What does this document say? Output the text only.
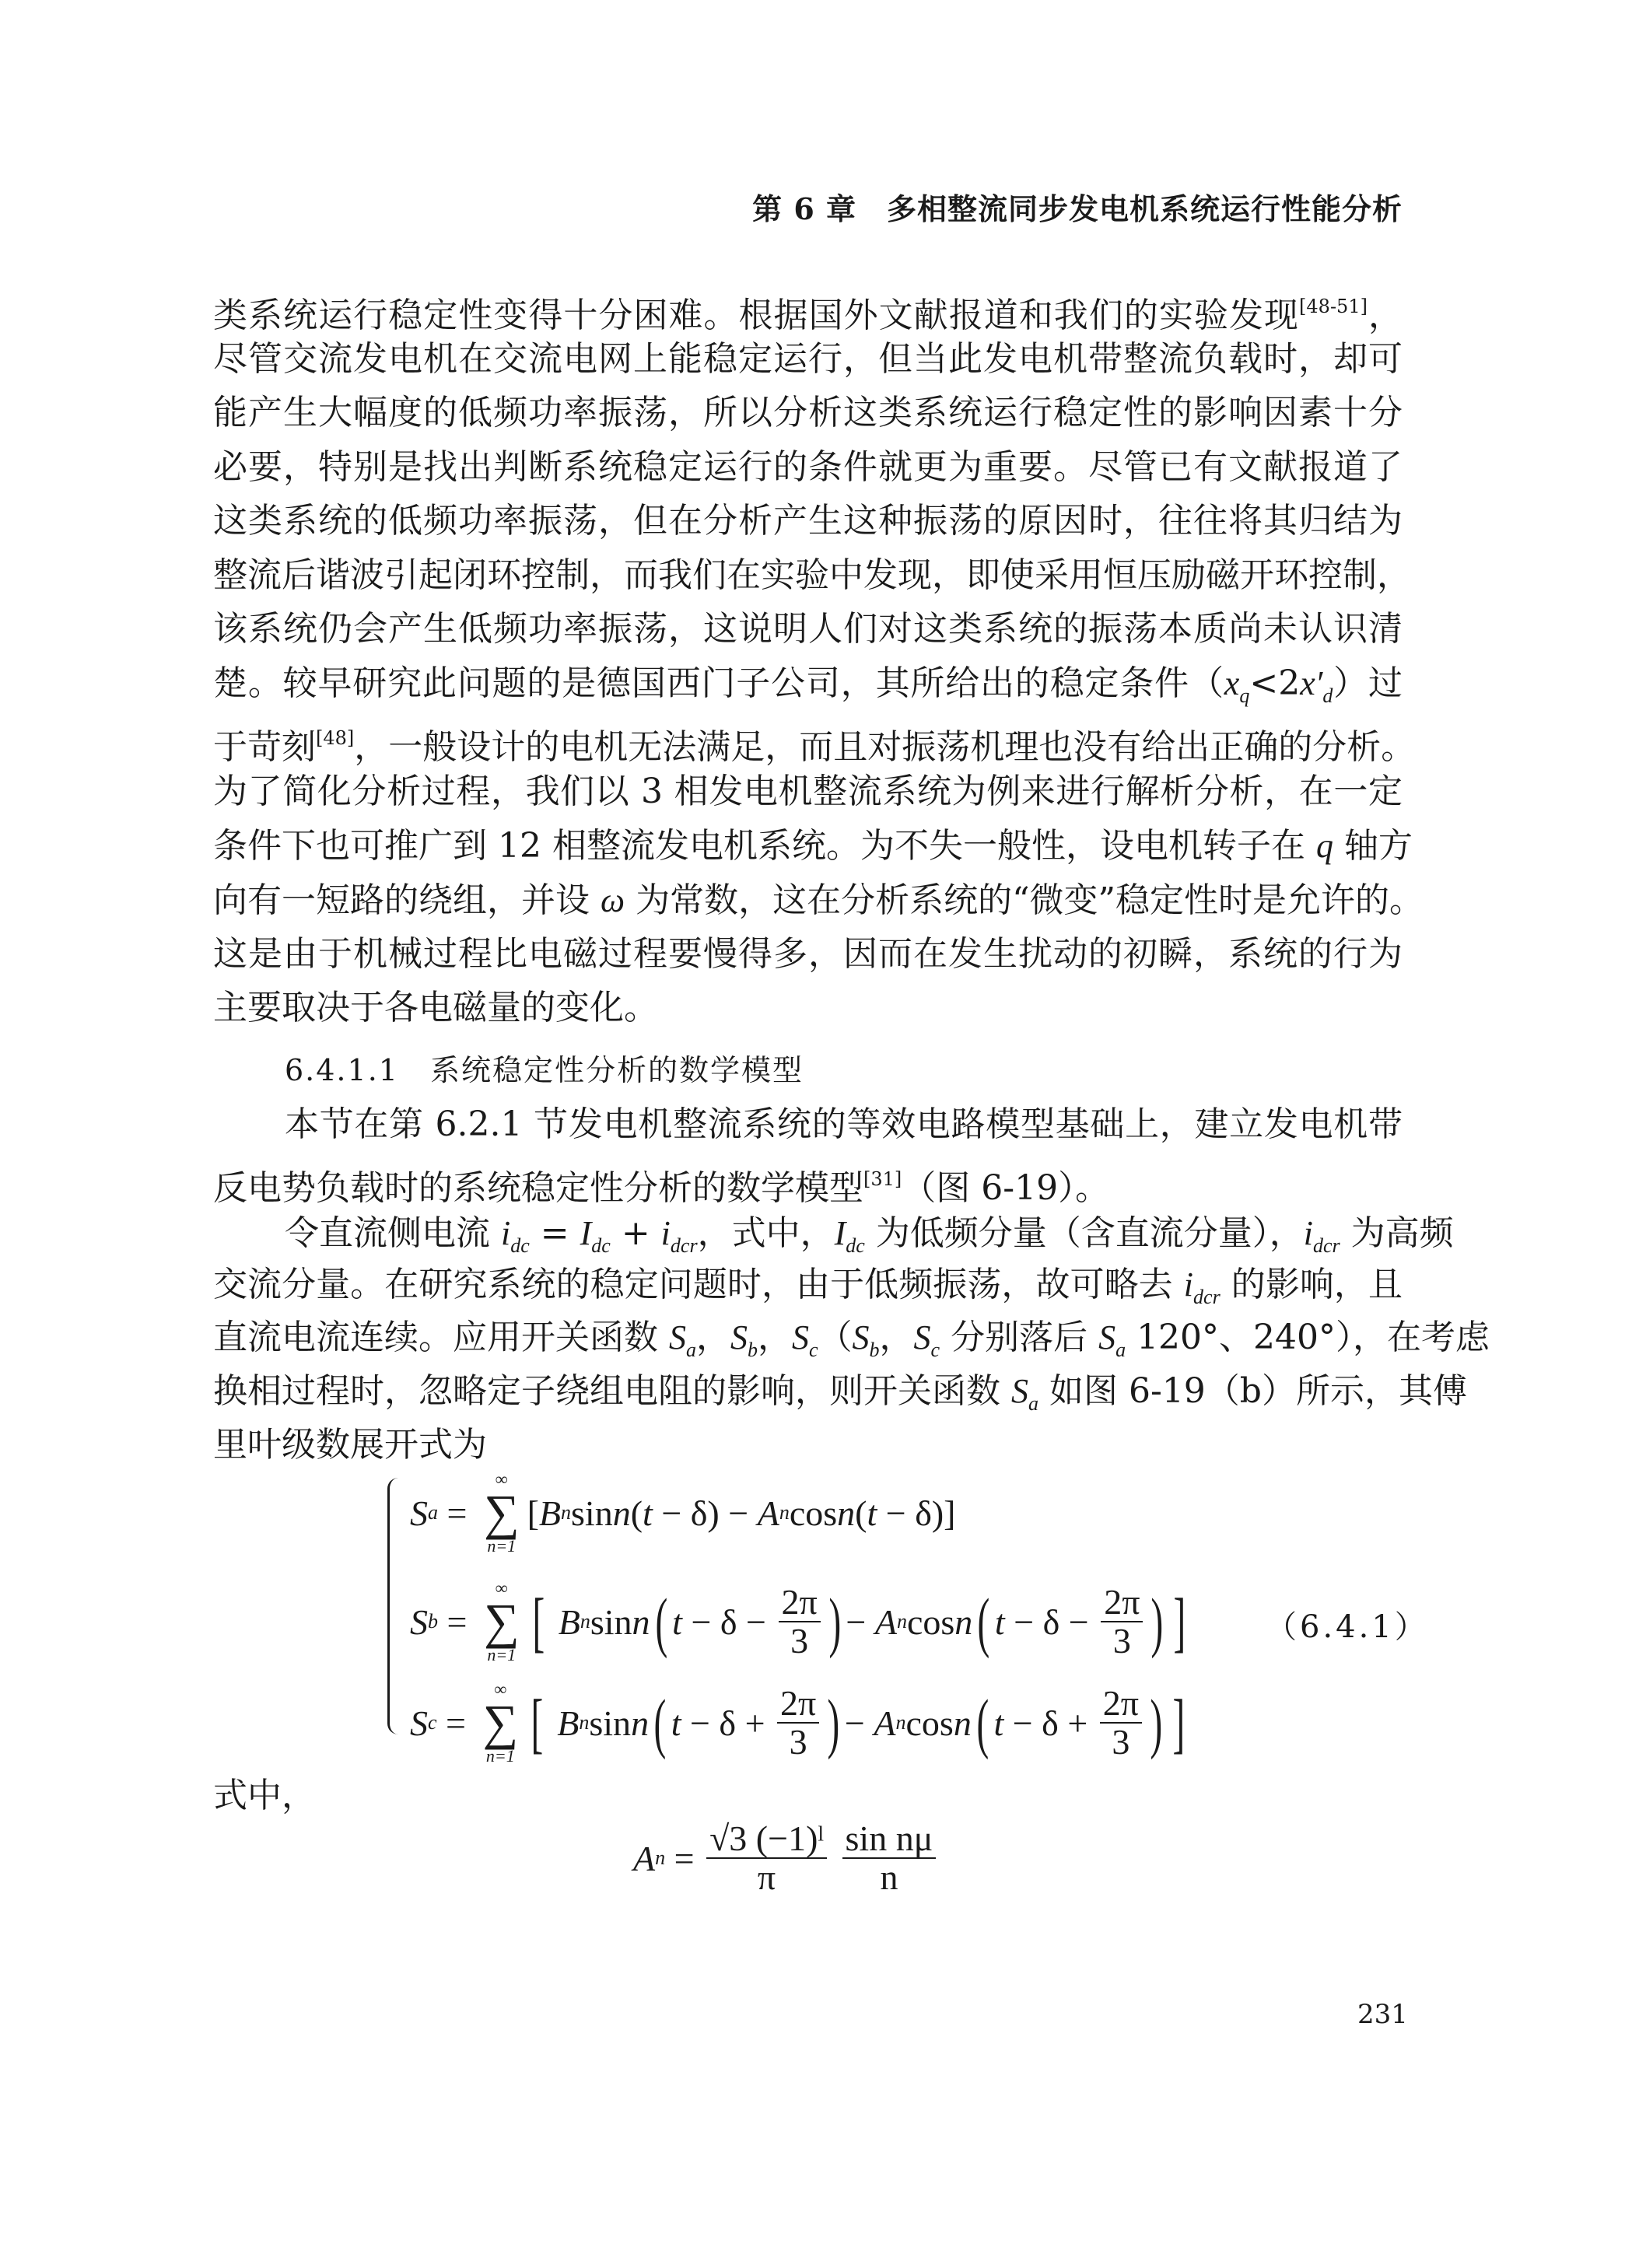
第 6 章　多相整流同步发电机系统运行性能分析
类系统运行稳定性变得十分困难。根据国外文献报道和我们的实验发现[48-51]，
尽管交流发电机在交流电网上能稳定运行，但当此发电机带整流负载时，却可
能产生大幅度的低频功率振荡，所以分析这类系统运行稳定性的影响因素十分
必要，特别是找出判断系统稳定运行的条件就更为重要。尽管已有文献报道了
这类系统的低频功率振荡，但在分析产生这种振荡的原因时，往往将其归结为
整流后谐波引起闭环控制，而我们在实验中发现，即使采用恒压励磁开环控制，
该系统仍会产生低频功率振荡，这说明人们对这类系统的振荡本质尚未认识清
楚。较早研究此问题的是德国西门子公司，其所给出的稳定条件$(x_q<2x'_d)$过
于苛刻[48]，一般设计的电机无法满足，而且对振荡机理也没有给出正确的分析。
为了简化分析过程，我们以 3 相发电机整流系统为例来进行解析分析，在一定
条件下也可推广到 12 相整流发电机系统。为不失一般性，设电机转子在 q 轴方
向有一短路的绕组，并设 ω 为常数，这在分析系统的“微变”稳定性时是允许的。
这是由于机械过程比电磁过程要慢得多，因而在发生扰动的初瞬，系统的行为
主要取决于各电磁量的变化。
6.4.1.1　系统稳定性分析的数学模型
本节在第 6.2.1 节发电机整流系统的等效电路模型基础上，建立发电机带
反电势负载时的系统稳定性分析的数学模型[31]（图 6-19）。
令直流侧电流 $i_{dc} = I_{dc} + i_{dcr}$，式中，$I_{dc}$ 为低频分量（含直流分量），$i_{dcr}$ 为高频
交流分量。在研究系统的稳定问题时，由于低频振荡，故可略去 $i_{dcr}$ 的影响，且
直流电流连续。应用开关函数 $S_a$，$S_b$，$S_c(S_b$，$S_c$ 分别落后 $S_a$ 120°、240°），在考虑
换相过程时，忽略定子绕组电阻的影响，则开关函数 $S_a$ 如图 6-19（b）所示，其傅
里叶级数展开式为
S a =
∞
∑
n=1
[ B n sin n ( t − δ) − A n cos n ( t − δ)]
S b =
∞
∑
n=1 [
B n sin n ( $t - \delta - \frac{2\pi}{3}$ ) − A n cos n ( $t - \delta - \frac{2\pi}{3}$ ) ]
S c =
∞
∑
n=1 [
B n sin n ( $t - \delta + \frac{2\pi}{3}$ ) − A n cos n ( $t - \delta + \frac{2\pi}{3}$ ) ]
（6.4.1）
式中，
A $n = \frac{\text{√3 (−1)ˡ}}{\pi}$
$\frac{\text{sin nμ}}{n}$
231
